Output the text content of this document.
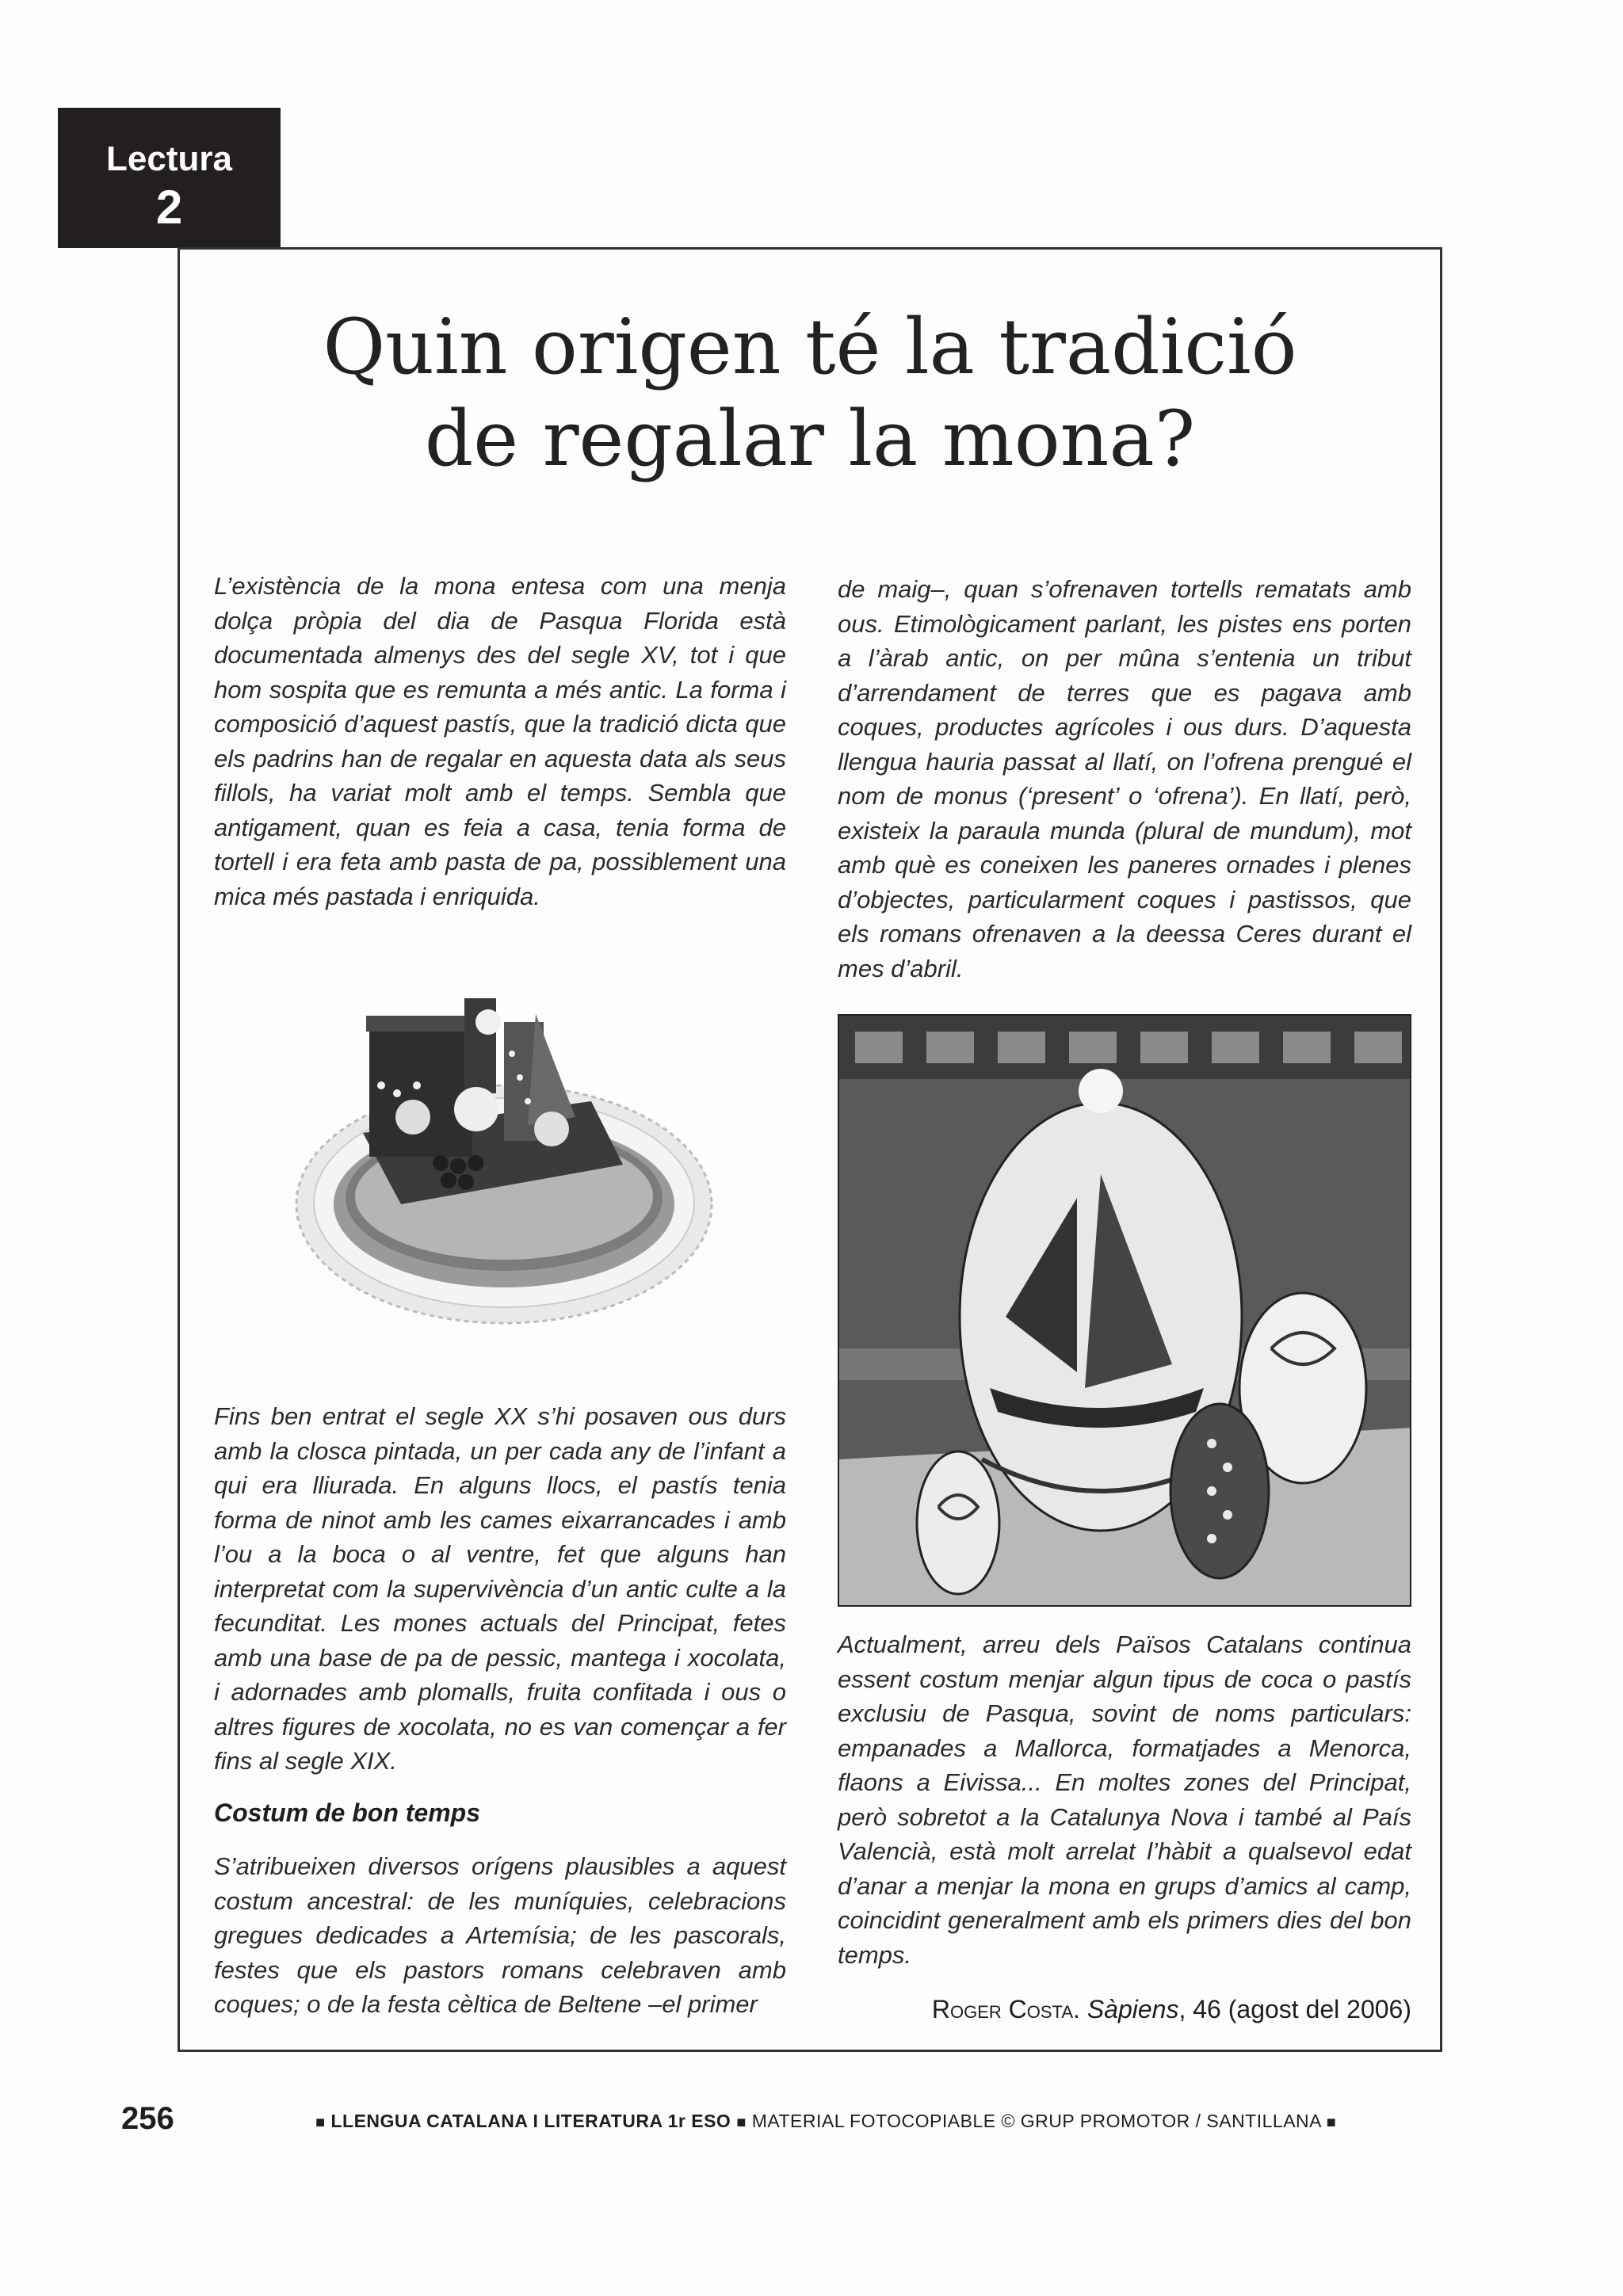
Lectura
2
Quin origen té la tradició
de regalar la mona?

L’existència de la mona entesa com una menja dolça pròpia del dia de Pasqua Florida està documentada almenys des del segle XV, tot i que hom sospita que es remunta a més antic. La forma i composició d’aquest pastís, que la tradició dicta que els padrins han de regalar en aquesta data als seus fillols, ha variat molt amb el temps. Sembla que antigament, quan es feia a casa, tenia forma de tortell i era feta amb pasta de pa, possiblement una mica més pastada i enriquida.

de maig–, quan s’ofrenaven tortells rematats amb ous. Etimològicament parlant, les pistes ens porten a l’àrab antic, on per mûna s’entenia un tribut d’arrendament de terres que es pagava amb coques, productes agrícoles i ous durs. D’aquesta llengua hauria passat al llatí, on l’ofrena prengué el nom de monus (‘present’ o ‘ofrena’). En llatí, però, existeix la paraula munda (plural de mundum), mot amb què es coneixen les paneres ornades i plenes d’objectes, particularment coques i pastissos, que els romans ofrenaven a la deessa Ceres durant el mes d’abril.

Fins ben entrat el segle XX s’hi posaven ous durs amb la closca pintada, un per cada any de l’infant a qui era lliurada. En alguns llocs, el pastís tenia forma de ninot amb les cames eixarrancades i amb l’ou a la boca o al ventre, fet que alguns han interpretat com la supervivència d’un antic culte a la fecunditat. Les mones actuals del Principat, fetes amb una base de pa de pessic, mantega i xocolata, i adornades amb plomalls, fruita confitada i ous o altres figures de xocolata, no es van començar a fer fins al segle XIX.

Costum de bon temps

S’atribueixen diversos orígens plausibles a aquest costum ancestral: de les muníquies, celebracions gregues dedicades a Artemísia; de les pascorals, festes que els pastors romans celebraven amb coques; o de la festa cèltica de Beltene –el primer

Actualment, arreu dels Països Catalans continua essent costum menjar algun tipus de coca o pastís exclusiu de Pasqua, sovint de noms particulars: empanades a Mallorca, formatjades a Menorca, flaons a Eivissa... En moltes zones del Principat, però sobretot a la Catalunya Nova i també al País Valencià, està molt arrelat l’hàbit a qualsevol edat d’anar a menjar la mona en grups d’amics al camp, coincidint generalment amb els primers dies del bon temps.

Roger Costa. Sàpiens, 46 (agost del 2006)
256	■ LLENGUA CATALANA I LITERATURA 1r ESO ■ MATERIAL FOTOCOPIABLE © GRUP PROMOTOR / SANTILLANA ■
